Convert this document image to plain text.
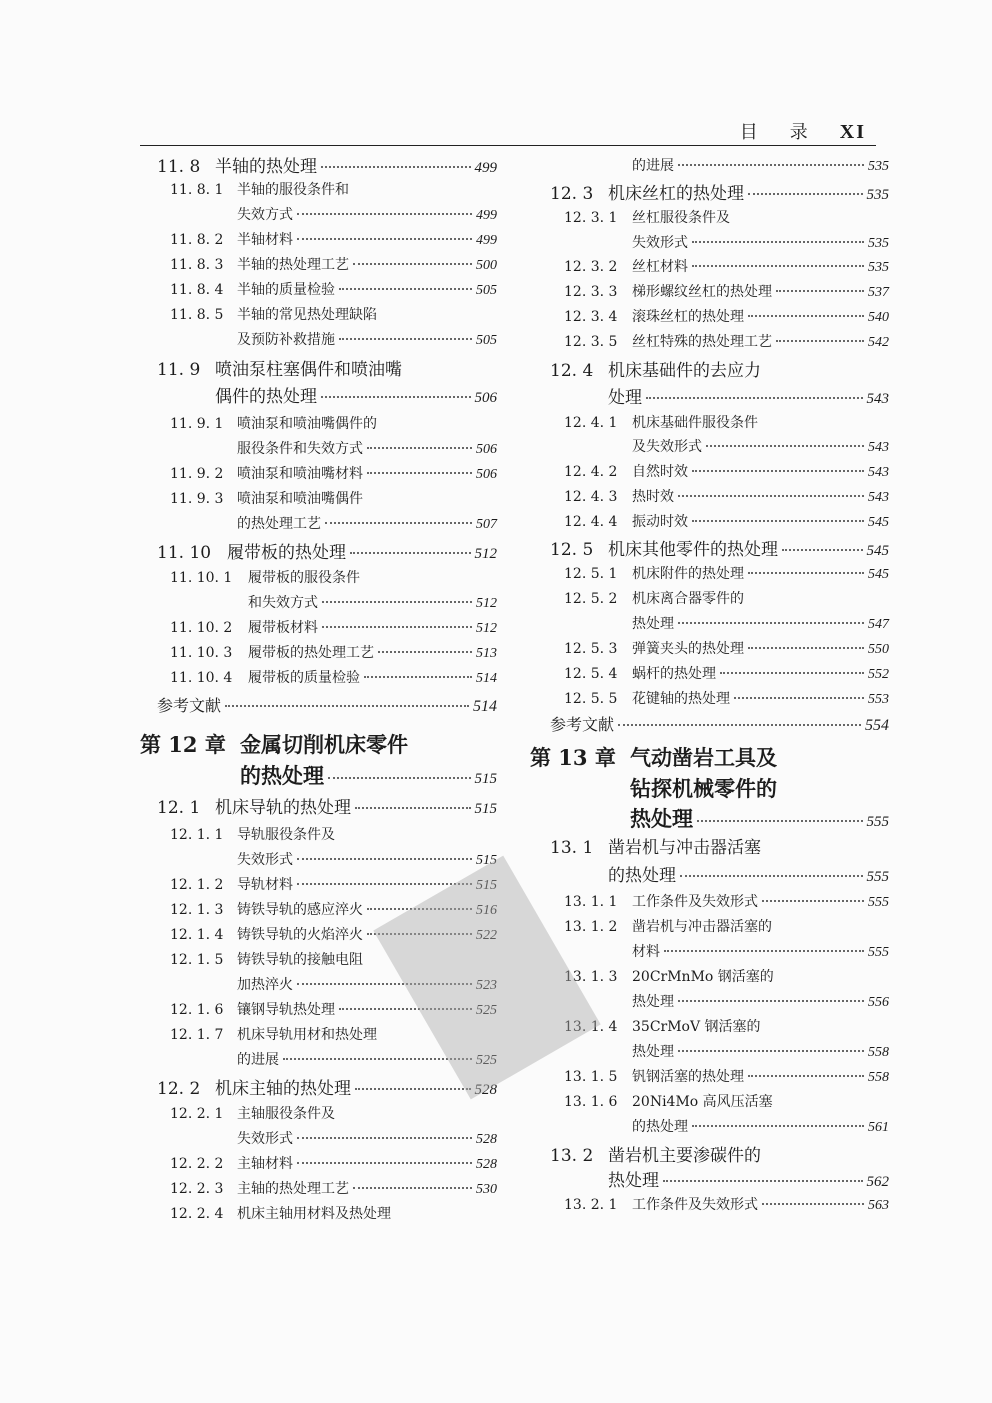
目 录 XI
11. 8 半轴的热处理	499
11. 8. 1 半轴的服役条件和
失效方式	499
11. 8. 2 半轴材料	499
11. 8. 3 半轴的热处理工艺	500
11. 8. 4 半轴的质量检验	505
11. 8. 5 半轴的常见热处理缺陷
及预防补救措施	505
11. 9 喷油泵柱塞偶件和喷油嘴
偶件的热处理	506
11. 9. 1 喷油泵和喷油嘴偶件的
服役条件和失效方式	506
11. 9. 2 喷油泵和喷油嘴材料	506
11. 9. 3 喷油泵和喷油嘴偶件
的热处理工艺	507
11. 10 履带板的热处理	512
11. 10. 1	履带板的服役条件
和失效方式	512
11. 10. 2	履带板材料	512
11. 10. 3	履带板的热处理工艺	513
11. 10. 4	履带板的质量检验	514
参考文献	514
第 12 章 金属切削机床零件
的热处理	515
12. 1 机床导轨的热处理	515
12. 1. 1 导轨服役条件及
失效形式	515
12. 1. 2 导轨材料	515
12. 1. 3 铸铁导轨的感应淬火	516
12. 1. 4 铸铁导轨的火焰淬火	522
12. 1. 5 铸铁导轨的接触电阻
加热淬火	523
12. 1. 6 镶钢导轨热处理	525
12. 1. 7 机床导轨用材和热处理
的进展	525
12. 2 机床主轴的热处理	528
12. 2. 1 主轴服役条件及
失效形式	528
12. 2. 2 主轴材料	528
12. 2. 3 主轴的热处理工艺	530
12. 2. 4 机床主轴用材料及热处理
的进展	535
12. 3 机床丝杠的热处理	535
12. 3. 1	丝杠服役条件及
失效形式	535
12. 3. 2	丝杠材料	535
12. 3. 3	梯形螺纹丝杠的热处理	537
12. 3. 4	滚珠丝杠的热处理	540
12. 3. 5	丝杠特殊的热处理工艺	542
12. 4 机床基础件的去应力
处理	543
12. 4. 1	机床基础件服役条件
及失效形式	543
12. 4. 2	自然时效	543
12. 4. 3	热时效	543
12. 4. 4	振动时效	545
12. 5 机床其他零件的热处理	545
12. 5. 1	机床附件的热处理	545
12. 5. 2	机床离合器零件的
热处理	547
12. 5. 3	弹簧夹头的热处理	550
12. 5. 4	蜗杆的热处理	552
12. 5. 5	花键轴的热处理	553
参考文献	554
第 13 章 气动凿岩工具及
钻探机械零件的
热处理	555
13. 1 凿岩机与冲击器活塞
的热处理	555
13. 1. 1	工作条件及失效形式	555
13. 1. 2	凿岩机与冲击器活塞的
材料	555
13. 1. 3	20CrMnMo 钢活塞的
热处理	556
13. 1. 4	35CrMoV 钢活塞的
热处理	558
13. 1. 5	钒钢活塞的热处理	558
13. 1. 6	20Ni4Mo 高风压活塞
的热处理	561
13. 2 凿岩机主要渗碳件的
热处理	562
13. 2. 1	工作条件及失效形式	563
